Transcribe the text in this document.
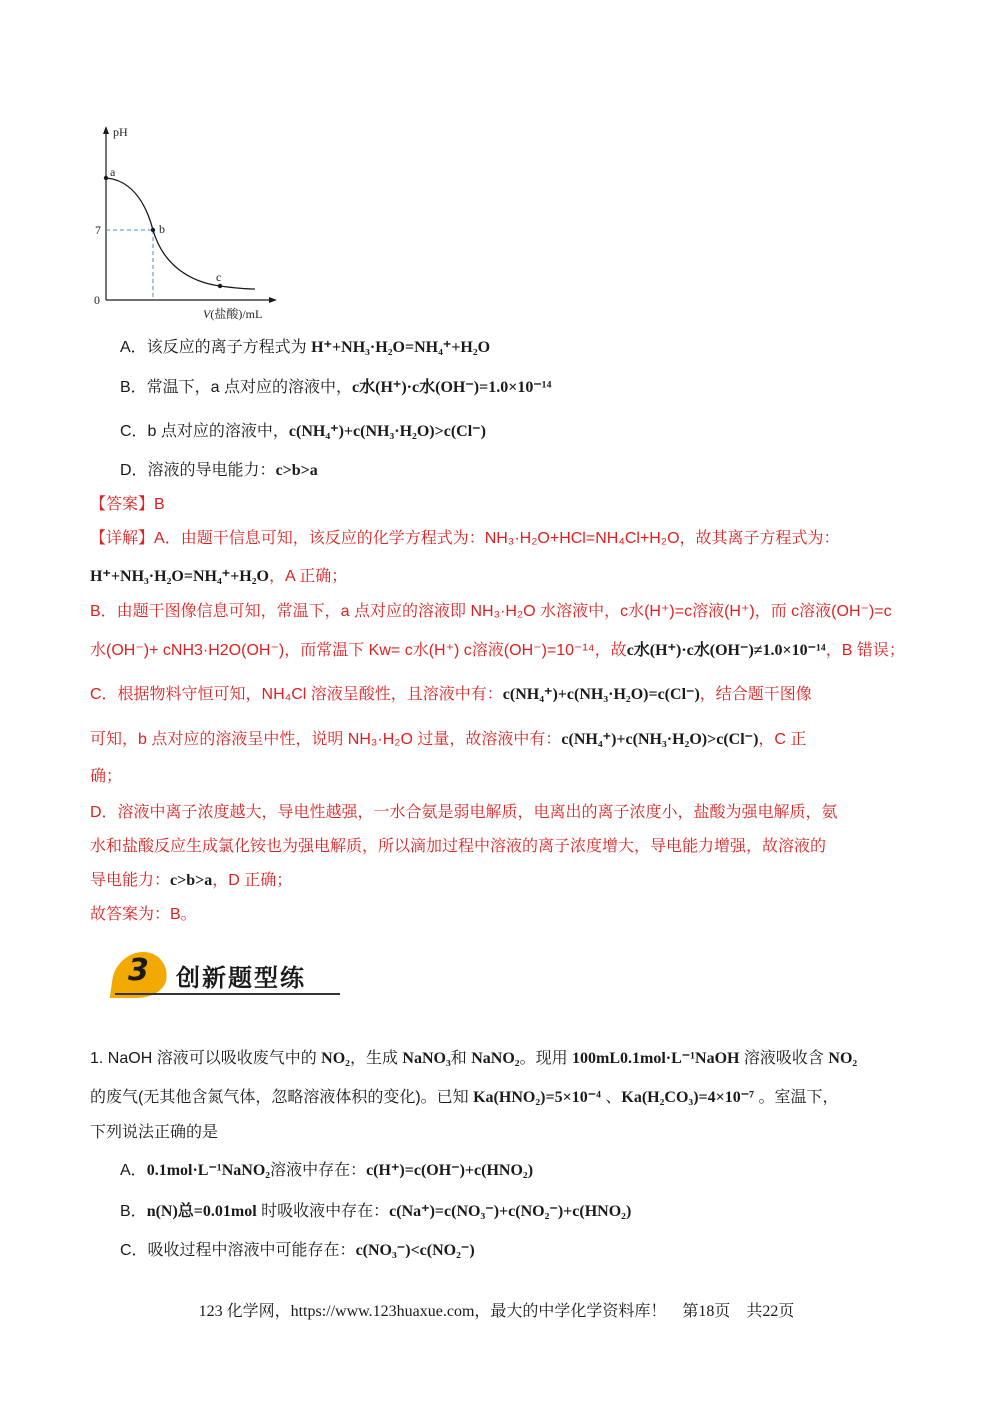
pH
7
0
a
b
c
V(盐酸)/mL
A．该反应的离子方程式为 H⁺+NH₃·H₂O=NH₄⁺+H₂O
B．常温下，a 点对应的溶液中，c水(H⁺)·c水(OH⁻)=1.0×10⁻¹⁴
C．b 点对应的溶液中，c(NH₄⁺)+c(NH₃·H₂O)>c(Cl⁻)
D．溶液的导电能力：c>b>a
【答案】B
【详解】A．由题干信息可知，该反应的化学方程式为：NH₃·H₂O+HCl=NH₄Cl+H₂O，故其离子方程式为：
H⁺+NH₃·H₂O=NH₄⁺+H₂O，A 正确；
B．由题干图像信息可知，常温下，a 点对应的溶液即 NH₃·H₂O 水溶液中，c水(H⁺)=c溶液(H⁺)，而 c溶液(OH⁻)=c
水(OH⁻)+ cNH3·H2O(OH⁻)，而常温下 Kw= c水(H⁺) c溶液(OH⁻)=10⁻¹⁴，故c水(H⁺)·c水(OH⁻)≠1.0×10⁻¹⁴，B 错误；
C．根据物料守恒可知，NH₄Cl 溶液呈酸性，且溶液中有：c(NH₄⁺)+c(NH₃·H₂O)=c(Cl⁻)，结合题干图像
可知，b 点对应的溶液呈中性，说明 NH₃·H₂O 过量，故溶液中有：c(NH₄⁺)+c(NH₃·H₂O)>c(Cl⁻)，C 正
确；
D．溶液中离子浓度越大，导电性越强，一水合氨是弱电解质，电离出的离子浓度小，盐酸为强电解质，氨
水和盐酸反应生成氯化铵也为强电解质，所以滴加过程中溶液的离子浓度增大，导电能力增强，故溶液的
导电能力：c>b>a，D 正确；
故答案为：B。
3 创新题型练
1. NaOH 溶液可以吸收废气中的 NO₂，生成 NaNO₃和 NaNO₂。现用 100mL0.1mol·L⁻¹NaOH 溶液吸收含 NO₂
的废气(无其他含氮气体，忽略溶液体积的变化)。已知 Ka(HNO₂)=5×10⁻⁴ 、Ka(H₂CO₃)=4×10⁻⁷ 。室温下，
下列说法正确的是
A．0.1mol·L⁻¹NaNO₂溶液中存在：c(H⁺)=c(OH⁻)+c(HNO₂)
B．n(N)总=0.01mol 时吸收液中存在：c(Na⁺)=c(NO₃⁻)+c(NO₂⁻)+c(HNO₂)
C．吸收过程中溶液中可能存在：c(NO₃⁻)<c(NO₂⁻)
123 化学网，https://www.123huaxue.com，最大的中学化学资料库！　第18页　共22页
